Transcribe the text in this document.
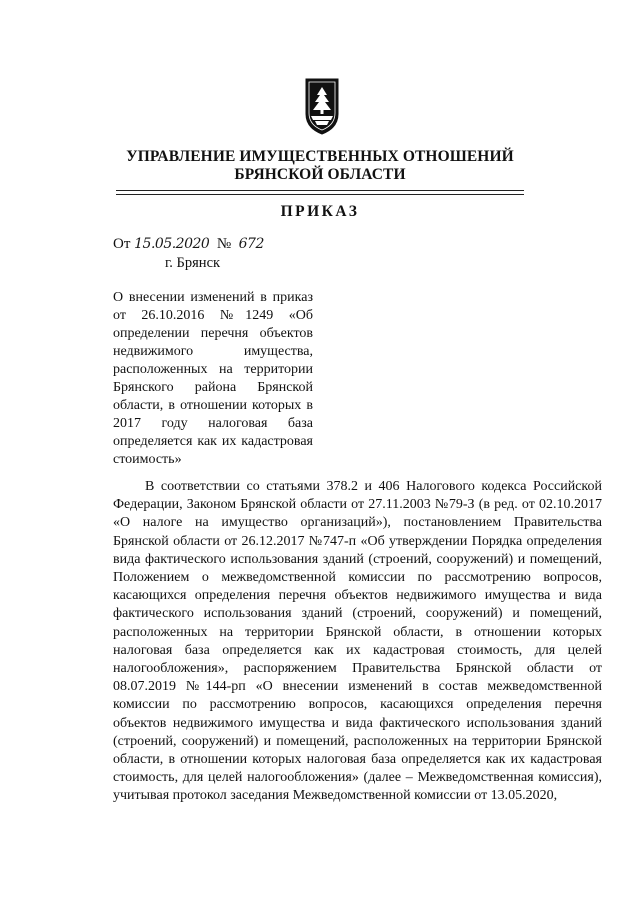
УПРАВЛЕНИЕ ИМУЩЕСТВЕННЫХ ОТНОШЕНИЙ
БРЯНСКОЙ ОБЛАСТИ
ПРИКАЗ
От 15.05.2020 № 672
г. Брянск
О внесении изменений в приказ от 26.10.2016 №1249 «Об определении перечня объектов недвижимого имущества, расположенных на территории Брянского района Брянской области, в отношении которых в 2017 году налоговая база определяется как их кадастровая стоимость»
В соответствии со статьями 378.2 и 406 Налогового кодекса Российской Федерации, Законом Брянской области от 27.11.2003 №79-З (в ред. от 02.10.2017 «О налоге на имущество организаций»), постановлением Правительства Брянской области от 26.12.2017 №747-п «Об утверждении Порядка определения вида фактического использования зданий (строений, сооружений) и помещений, Положением о межведомственной комиссии по рассмотрению вопросов, касающихся определения перечня объектов недвижимого имущества и вида фактического использования зданий (строений, сооружений) и помещений, расположенных на территории Брянской области, в отношении которых налоговая база определяется как их кадастровая стоимость, для целей налогообложения», распоряжением Правительства Брянской области от 08.07.2019 №144-рп «О внесении изменений в состав межведомственной комиссии по рассмотрению вопросов, касающихся определения перечня объектов недвижимого имущества и вида фактического использования зданий (строений, сооружений) и помещений, расположенных на территории Брянской области, в отношении которых налоговая база определяется как их кадастровая стоимость, для целей налогообложения» (далее – Межведомственная комиссия), учитывая протокол заседания Межведомственной комиссии от 13.05.2020,
